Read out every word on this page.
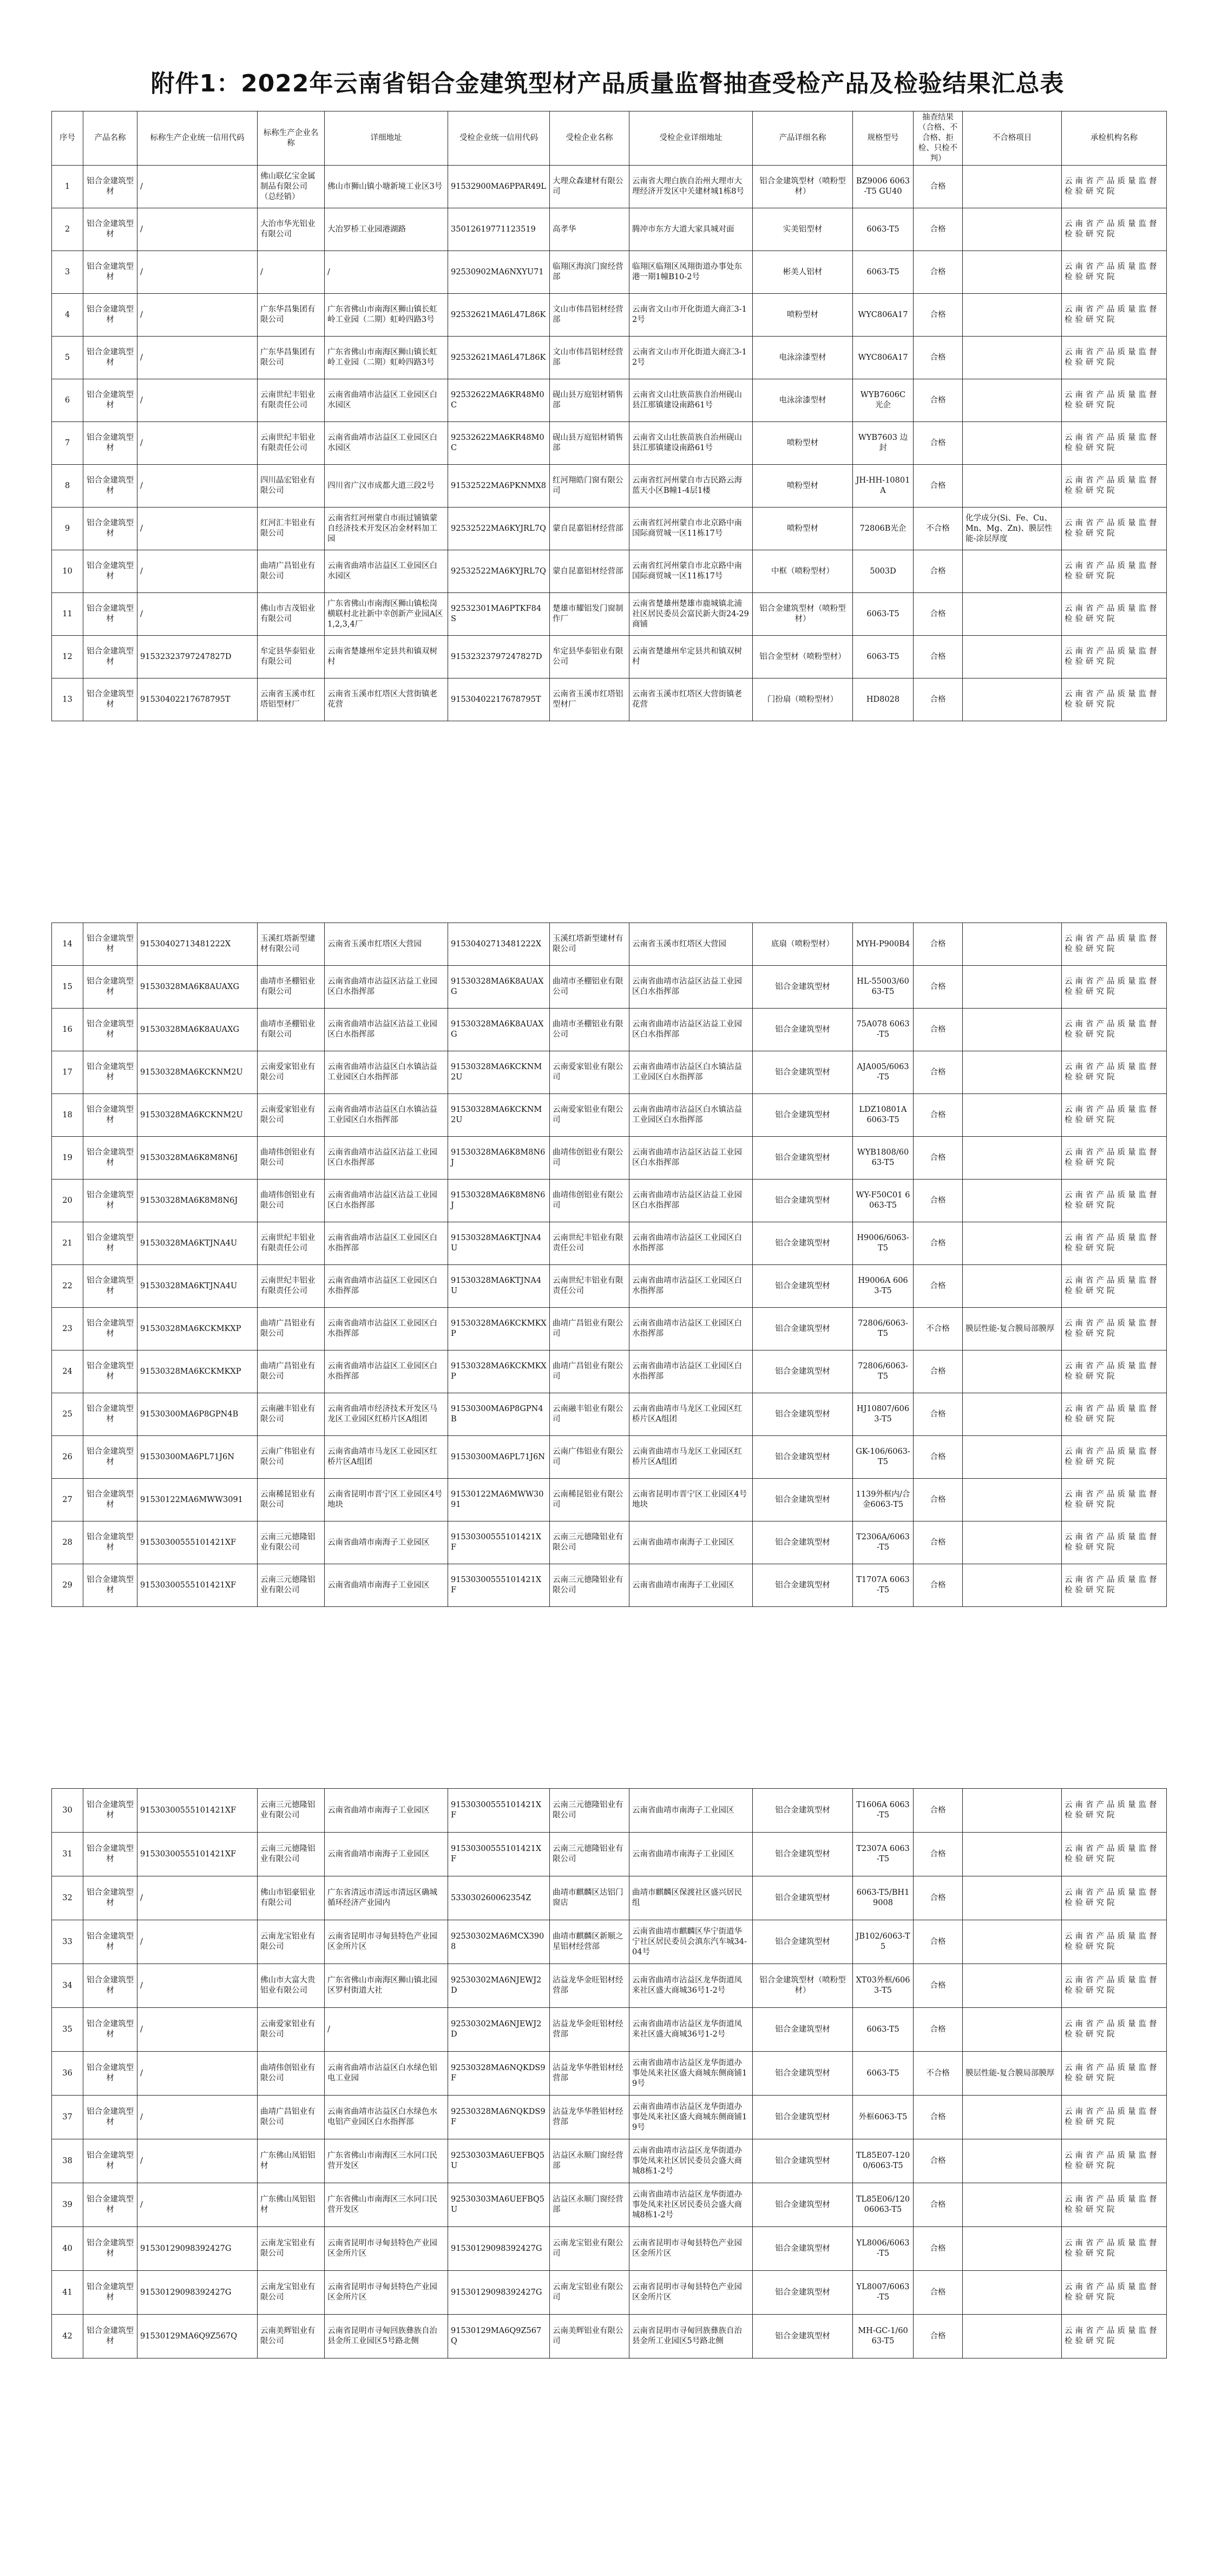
附件1：2022年云南省铝合金建筑型材产品质量监督抽查受检产品及检验结果汇总表
序号	产品名称	标称生产企业统一信用代码	标称生产企业名称	详细地址	受检企业统一信用代码	受检企业名称	受检企业详细地址	产品详细名称	规格型号	抽查结果（合格、不合格、拒检、只检不判）	不合格项目	承检机构名称
1	铝合金建筑型材	/	佛山联亿宝金属制品有限公司（总经销）	佛山市狮山镇小塘新境工业区3号	91532900MA6PPAR49L	大理众森建材有限公司	云南省大理白族自治州大理市大理经济开发区中关建材城1栋8号	铝合金建筑型材（喷粉型材）	BZ9006 6063-T5 GU40	合格		云南省产品质量监督检验研究院
2	铝合金建筑型材	/	大治市华光铝业有限公司	大冶罗桥工业园港湖路	35012619771123519	高孝华	腾冲市东方大道大家具城对面	实美铝型材	6063-T5	合格		云南省产品质量监督检验研究院
3	铝合金建筑型材	/	/	/	92530902MA6NXYU71	临翔区海滨门窗经营部	临翔区临翔区凤翔街道办事处东港一期1幢B10-2号	彬美人铝材	6063-T5	合格		云南省产品质量监督检验研究院
4	铝合金建筑型材	/	广东华昌集团有限公司	广东省佛山市南海区狮山镇长虹岭工业园（二期）虹岭四路3号	92532621MA6L47L86K	文山市伟昌铝材经营部	云南省文山市开化街道大商汇3-12号	喷粉型材	WYC806A17	合格		云南省产品质量监督检验研究院
5	铝合金建筑型材	/	广东华昌集团有限公司	广东省佛山市南海区狮山镇长虹岭工业园（二期）虹岭四路3号	92532621MA6L47L86K	文山市伟昌铝材经营部	云南省文山市开化街道大商汇3-12号	电泳涂漆型材	WYC806A17	合格		云南省产品质量监督检验研究院
6	铝合金建筑型材	/	云南世纪丰铝业有限责任公司	云南省曲靖市沾益区工业园区白水园区	92532622MA6KR48M0C	砚山县万庭铝材销售部	云南省文山壮族苗族自治州砚山县江那镇建设南路61号	电泳涂漆型材	WYB7606C 光企	合格		云南省产品质量监督检验研究院
7	铝合金建筑型材	/	云南世纪丰铝业有限责任公司	云南省曲靖市沾益区工业园区白水园区	92532622MA6KR48M0C	砚山县万庭铝材销售部	云南省文山壮族苗族自治州砚山县江那镇建设南路61号	喷粉型材	WYB7603 边封	合格		云南省产品质量监督检验研究院
8	铝合金建筑型材	/	四川晶宏铝业有限公司	四川省广汉市成都大道三段2号	91532522MA6PKNMX8	红河翔皓门窗有限公司	云南省红河州蒙自市古民路云海蓝天小区B幢1-4层1楼	喷粉型材	JH-HH-10801A	合格		云南省产品质量监督检验研究院
9	铝合金建筑型材	/	红河汇丰铝业有限公司	云南省红河州蒙自市雨过铺镇蒙自经济技术开发区冶金材料加工园	92532522MA6KYJRL7Q	蒙自昆嘉铝材经营部	云南省红河州蒙自市北京路中南国际商贸城一区11栋17号	喷粉型材	72806B光企	不合格	化学成分(Si、Fe、Cu、Mn、Mg、Zn)、膜层性能-涂层厚度	云南省产品质量监督检验研究院
10	铝合金建筑型材	/	曲靖广昌铝业有限公司	云南省曲靖市沾益区工业园区白水园区	92532522MA6KYJRL7Q	蒙自昆嘉铝材经营部	云南省红河州蒙自市北京路中南国际商贸城一区11栋17号	中框（喷粉型材）	5003D	合格		云南省产品质量监督检验研究院
11	铝合金建筑型材	/	佛山市吉茂铝业有限公司	广东省佛山市南海区狮山镇松岗横联村北社新中幸创新产业园A区1,2,3,4厂	92532301MA6PTKF84S	楚雄市耀铝发门窗制作厂	云南省楚雄州楚雄市鹿城镇北浦社区居民委员会富民新大街24-29商铺	铝合金建筑型材（喷粉型材）	6063-T5	合格		云南省产品质量监督检验研究院
12	铝合金建筑型材	91532323797247827D	牟定县华泰铝业有限公司	云南省楚雄州牟定县共和镇双树村	91532323797247827D	牟定县华泰铝业有限公司	云南省楚雄州牟定县共和镇双树村	铝合金型材（喷粉型材）	6063-T5	合格		云南省产品质量监督检验研究院
13	铝合金建筑型材	91530402217678795T	云南省玉溪市红塔铝型材厂	云南省玉溪市红塔区大营街镇老花营	91530402217678795T	云南省玉溪市红塔铝型材厂	云南省玉溪市红塔区大营街镇老花营	门扮扇（喷粉型材）	HD8028	合格		云南省产品质量监督检验研究院
14	铝合金建筑型材	91530402713481222X	玉溪红塔新型建材有限公司	云南省玉溪市红塔区大营园	91530402713481222X	玉溪红塔新型建材有限公司	云南省玉溪市红塔区大营园	底扇（喷粉型材）	MYH-P900B4	合格		云南省产品质量监督检验研究院
15	铝合金建筑型材	91530328MA6K8AUAXG	曲靖市圣棚铝业有限公司	云南省曲靖市沾益区沾益工业园区白水指挥部	91530328MA6K8AUAXG	曲靖市圣棚铝业有限公司	云南省曲靖市沾益区沾益工业园区白水指挥部	铝合金建筑型材	HL-55003/6063-T5	合格		云南省产品质量监督检验研究院
16	铝合金建筑型材	91530328MA6K8AUAXG	曲靖市圣棚铝业有限公司	云南省曲靖市沾益区沾益工业园区白水指挥部	91530328MA6K8AUAXG	曲靖市圣棚铝业有限公司	云南省曲靖市沾益区沾益工业园区白水指挥部	铝合金建筑型材	75A078 6063-T5	合格		云南省产品质量监督检验研究院
17	铝合金建筑型材	91530328MA6KCKNM2U	云南爱家铝业有限公司	云南省曲靖市沾益区白水镇沾益工业园区白水指挥部	91530328MA6KCKNM2U	云南爱家铝业有限公司	云南省曲靖市沾益区白水镇沾益工业园区白水指挥部	铝合金建筑型材	AJA005/6063-T5	合格		云南省产品质量监督检验研究院
18	铝合金建筑型材	91530328MA6KCKNM2U	云南爱家铝业有限公司	云南省曲靖市沾益区白水镇沾益工业园区白水指挥部	91530328MA6KCKNM2U	云南爱家铝业有限公司	云南省曲靖市沾益区白水镇沾益工业园区白水指挥部	铝合金建筑型材	LDZ10801A 6063-T5	合格		云南省产品质量监督检验研究院
19	铝合金建筑型材	91530328MA6K8M8N6J	曲靖伟创铝业有限公司	云南省曲靖市沾益区沾益工业园区白水指挥部	91530328MA6K8M8N6J	曲靖伟创铝业有限公司	云南省曲靖市沾益区沾益工业园区白水指挥部	铝合金建筑型材	WYB1808/6063-T5	合格		云南省产品质量监督检验研究院
20	铝合金建筑型材	91530328MA6K8M8N6J	曲靖伟创铝业有限公司	云南省曲靖市沾益区沾益工业园区白水指挥部	91530328MA6K8M8N6J	曲靖伟创铝业有限公司	云南省曲靖市沾益区沾益工业园区白水指挥部	铝合金建筑型材	WY-F50C01 6063-T5	合格		云南省产品质量监督检验研究院
21	铝合金建筑型材	91530328MA6KTJNA4U	云南世纪丰铝业有限责任公司	云南省曲靖市沾益区工业园区白水指挥部	91530328MA6KTJNA4U	云南世纪丰铝业有限责任公司	云南省曲靖市沾益区工业园区白水指挥部	铝合金建筑型材	H9006/6063-T5	合格		云南省产品质量监督检验研究院
22	铝合金建筑型材	91530328MA6KTJNA4U	云南世纪丰铝业有限责任公司	云南省曲靖市沾益区工业园区白水指挥部	91530328MA6KTJNA4U	云南世纪丰铝业有限责任公司	云南省曲靖市沾益区工业园区白水指挥部	铝合金建筑型材	H9006A 6063-T5	合格		云南省产品质量监督检验研究院
23	铝合金建筑型材	91530328MA6KCKMKXP	曲靖广昌铝业有限公司	云南省曲靖市沾益区工业园区白水指挥部	91530328MA6KCKMKXP	曲靖广昌铝业有限公司	云南省曲靖市沾益区工业园区白水指挥部	铝合金建筑型材	72806/6063-T5	不合格	膜层性能-复合膜局部膜厚	云南省产品质量监督检验研究院
24	铝合金建筑型材	91530328MA6KCKMKXP	曲靖广昌铝业有限公司	云南省曲靖市沾益区工业园区白水指挥部	91530328MA6KCKMKXP	曲靖广昌铝业有限公司	云南省曲靖市沾益区工业园区白水指挥部	铝合金建筑型材	72806/6063-T5	合格		云南省产品质量监督检验研究院
25	铝合金建筑型材	91530300MA6P8GPN4B	云南融丰铝业有限公司	云南省曲靖市经济技术开发区马龙区工业园区红桥片区A组团	91530300MA6P8GPN4B	云南融丰铝业有限公司	云南省曲靖市马龙区工业园区红桥片区A组团	铝合金建筑型材	HJ10807/6063-T5	合格		云南省产品质量监督检验研究院
26	铝合金建筑型材	91530300MA6PL71J6N	云南广伟铝业有限公司	云南省曲靖市马龙区工业园区红桥片区A组团	91530300MA6PL71J6N	云南广伟铝业有限公司	云南省曲靖市马龙区工业园区红桥片区A组团	铝合金建筑型材	GK-106/6063-T5	合格		云南省产品质量监督检验研究院
27	铝合金建筑型材	91530122MA6MWW3091	云南稀昆铝业有限公司	云南省昆明市晋宁区工业园区4号地块	91530122MA6MWW3091	云南稀昆铝业有限公司	云南省昆明市晋宁区工业园区4号地块	铝合金建筑型材	1139外框内/合金6063-T5	合格		云南省产品质量监督检验研究院
28	铝合金建筑型材	91530300555101421XF	云南三元德隆铝业有限公司	云南省曲靖市南海子工业园区	91530300555101421XF	云南三元德隆铝业有限公司	云南省曲靖市南海子工业园区	铝合金建筑型材	T2306A/6063-T5	合格		云南省产品质量监督检验研究院
29	铝合金建筑型材	91530300555101421XF	云南三元德隆铝业有限公司	云南省曲靖市南海子工业园区	91530300555101421XF	云南三元德隆铝业有限公司	云南省曲靖市南海子工业园区	铝合金建筑型材	T1707A 6063-T5	合格		云南省产品质量监督检验研究院
30	铝合金建筑型材	91530300555101421XF	云南三元德隆铝业有限公司	云南省曲靖市南海子工业园区	91530300555101421XF	云南三元德隆铝业有限公司	云南省曲靖市南海子工业园区	铝合金建筑型材	T1606A 6063-T5	合格		云南省产品质量监督检验研究院
31	铝合金建筑型材	91530300555101421XF	云南三元德隆铝业有限公司	云南省曲靖市南海子工业园区	91530300555101421XF	云南三元德隆铝业有限公司	云南省曲靖市南海子工业园区	铝合金建筑型材	T2307A 6063-T5	合格		云南省产品质量监督检验研究院
32	铝合金建筑型材	/	佛山市铝豪铝业有限公司	广东省清远市清远市清远区确城循环经济产业园内	533030260062354Z	曲靖市麒麟区达铝门窗店	曲靖市麒麟区保渡社区盛兴居民组	铝合金建筑型材	6063-T5/BH19008	合格		云南省产品质量监督检验研究院
33	铝合金建筑型材	/	云南龙宝铝业有限公司	云南省昆明市寻甸县特色产业园区金所片区	92530302MA6MCX3908	曲靖市麒麟区新顺之星铝材经营部	云南省曲靖市麒麟区华宁街道华宁社区居民委员会滇东汽车城34-04号	铝合金建筑型材	JB102/6063-T5	合格		云南省产品质量监督检验研究院
34	铝合金建筑型材	/	佛山市大富大贵铝业有限公司	广东省佛山市南海区狮山镇北园区罗村街道大社	92530302MA6NJEWJ2D	沾益龙华金旺铝材经营部	云南省曲靖市沾益区龙华街道凤来社区盛大商城36号1-2号	铝合金建筑型材（喷粉型材）	XT03外框/6063-T5	合格		云南省产品质量监督检验研究院
35	铝合金建筑型材	/	云南爱家铝业有限公司	/	92530302MA6NJEWJ2D	沾益龙华金旺铝材经营部	云南省曲靖市沾益区龙华街道凤来社区盛大商城36号1-2号	铝合金建筑型材	6063-T5	合格		云南省产品质量监督检验研究院
36	铝合金建筑型材	/	曲靖伟创铝业有限公司	云南省曲靖市沾益区白水绿色铝电工业园	92530328MA6NQKDS9F	沾益龙华华胜铝材经营部	云南省曲靖市沾益区龙华街道办事处凤来社区盛大商城东侧商铺19号	铝合金建筑型材	6063-T5	不合格	膜层性能-复合膜局部膜厚	云南省产品质量监督检验研究院
37	铝合金建筑型材	/	曲靖广昌铝业有限公司	云南省曲靖市沾益区白水绿色水电铝产业园区白水指挥部	92530328MA6NQKDS9F	沾益龙华华胜铝材经营部	云南省曲靖市沾益区龙华街道办事处凤来社区盛大商城东侧商铺19号	铝合金建筑型材	外框6063-T5	合格		云南省产品质量监督检验研究院
38	铝合金建筑型材	/	广东佛山凤铝铝材	广东省佛山市南海区三水同口民营开发区	92530303MA6UEFBQ5U	沾益区永顺门窗经营部	云南省曲靖市沾益区龙华街道办事处凤来社区居民委员会盛大商城8栋1-2号	铝合金建筑型材	TL85E07-1200/6063-T5	合格		云南省产品质量监督检验研究院
39	铝合金建筑型材	/	广东佛山凤铝铝材	广东省佛山市南海区三水同口民营开发区	92530303MA6UEFBQ5U	沾益区永顺门窗经营部	云南省曲靖市沾益区龙华街道办事处凤来社区居民委员会盛大商城8栋1-2号	铝合金建筑型材	TL85E06/12006063-T5	合格		云南省产品质量监督检验研究院
40	铝合金建筑型材	91530129098392427G	云南龙宝铝业有限公司	云南省昆明市寻甸县特色产业园区金所片区	91530129098392427G	云南龙宝铝业有限公司	云南省昆明市寻甸县特色产业园区金所片区	铝合金建筑型材	YL8006/6063-T5	合格		云南省产品质量监督检验研究院
41	铝合金建筑型材	91530129098392427G	云南龙宝铝业有限公司	云南省昆明市寻甸县特色产业园区金所片区	91530129098392427G	云南龙宝铝业有限公司	云南省昆明市寻甸县特色产业园区金所片区	铝合金建筑型材	YL8007/6063-T5	合格		云南省产品质量监督检验研究院
42	铝合金建筑型材	91530129MA6Q9Z567Q	云南美辉铝业有限公司	云南省昆明市寻甸回族彝族自治县金所工业园区5号路北侧	91530129MA6Q9Z567Q	云南美辉铝业有限公司	云南省昆明市寻甸回族彝族自治县金所工业园区5号路北侧	铝合金建筑型材	MH-GC-1/6063-T5	合格		云南省产品质量监督检验研究院
